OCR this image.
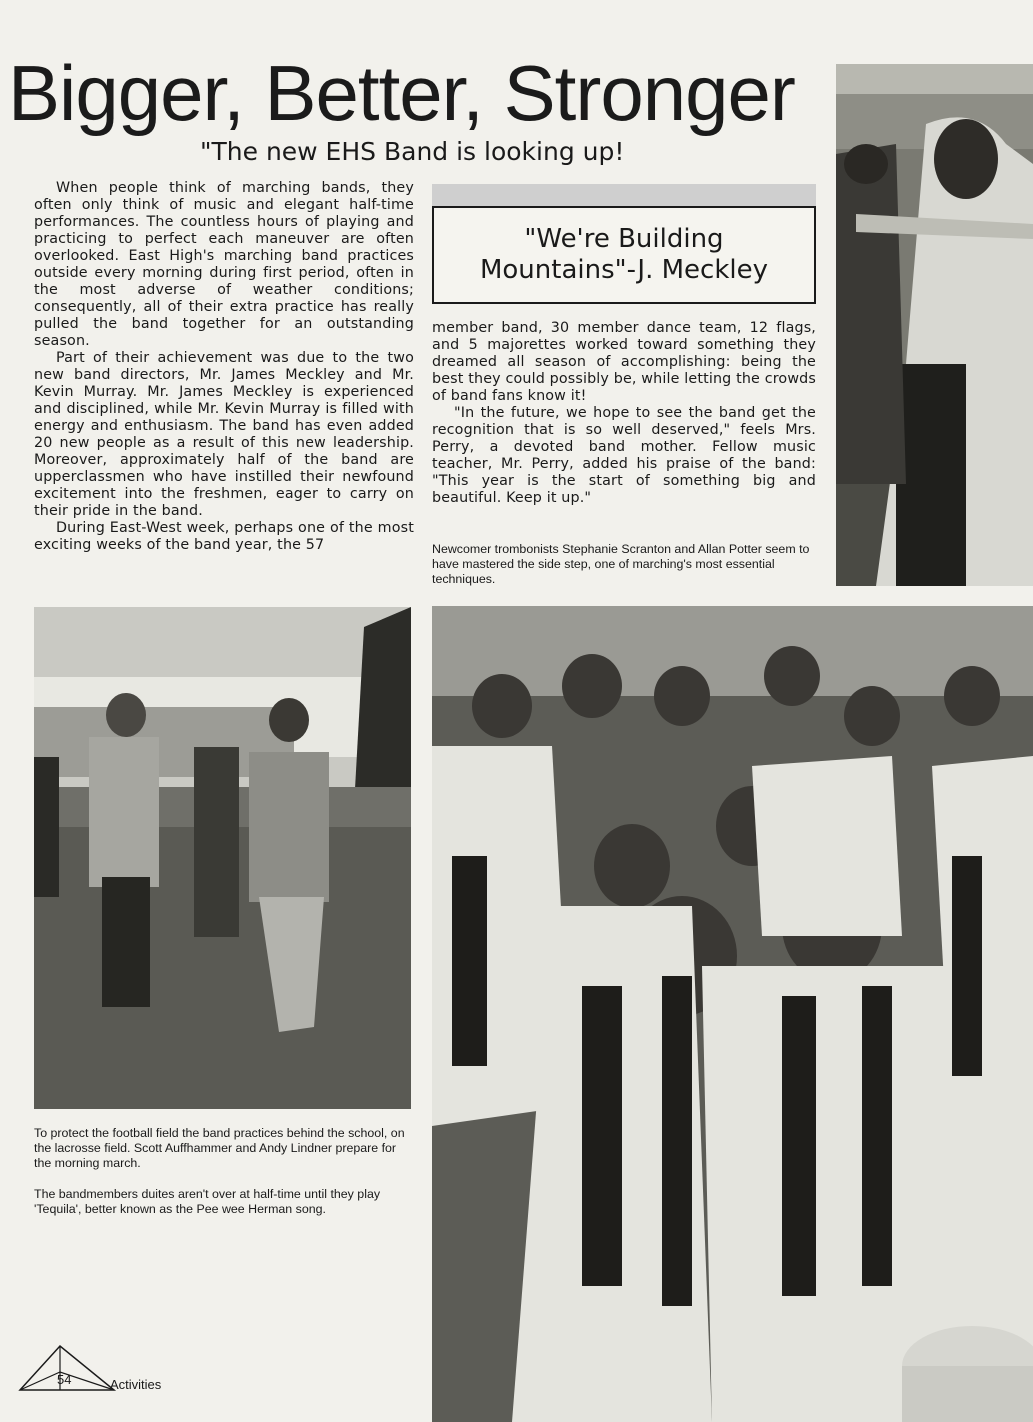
Bigger, Better, Stronger
"The new EHS Band is looking up!

When people think of marching bands, they often only think of music and elegant half-time performances. The countless hours of playing and practicing to perfect each maneuver are often overlooked. East High's marching band practices outside every morning during first period, often in the most adverse of weather conditions; consequently, all of their extra practice has really pulled the band together for an outstanding season.

Part of their achievement was due to the two new band directors, Mr. James Meckley and Mr. Kevin Murray. Mr. James Meckley is experienced and disciplined, while Mr. Kevin Murray is filled with energy and enthusiasm. The band has even added 20 new people as a result of this new leadership. Moreover, approximately half of the band are upperclassmen who have instilled their newfound excitement into the freshmen, eager to carry on their pride in the band.

During East-West week, perhaps one of the most exciting weeks of the band year, the 57

"We're Building Mountains"-J. Meckley

member band, 30 member dance team, 12 flags, and 5 majorettes worked toward something they dreamed all season of accomplishing: being the best they could possibly be, while letting the crowds of band fans know it!

"In the future, we hope to see the band get the recognition that is so well deserved," feels Mrs. Perry, a devoted band mother. Fellow music teacher, Mr. Perry, added his praise of the band: "This year is the start of something big and beautiful. Keep it up."

Newcomer trombonists Stephanie Scranton and Allan Potter seem to have mastered the side step, one of marching's most essential techniques.
To protect the football field the band practices behind the school, on the lacrosse field. Scott Auffhammer and Andy Lindner prepare for the morning march.
The bandmembers duites aren't over at half-time until they play 'Tequila', better known as the Pee wee Herman song.
54	Activities
